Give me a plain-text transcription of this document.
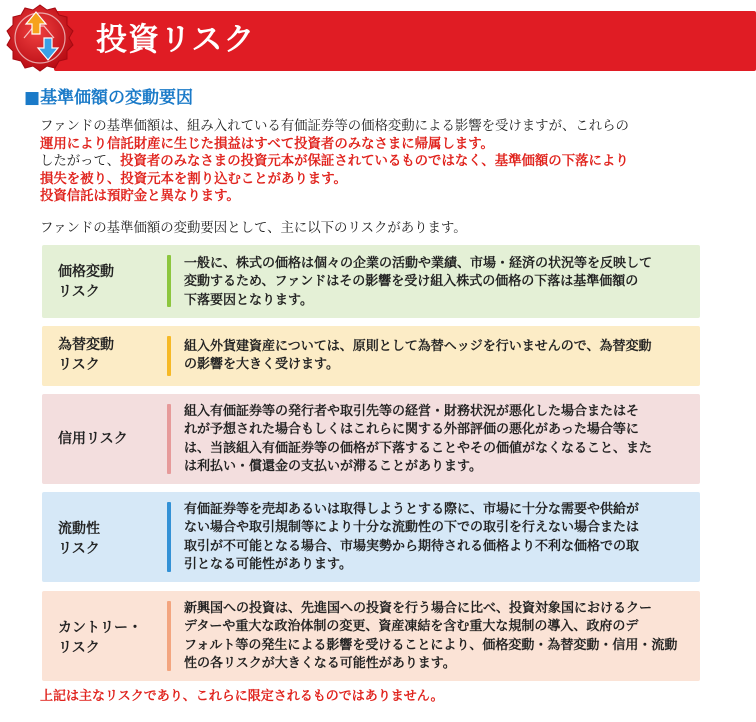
投資リスク
■基準価額の変動要因
ファンドの基準価額は、組み入れている有価証券等の価格変動による影響を受けますが、これらの
運用により信託財産に生じた損益はすべて投資者のみなさまに帰属します。
したがって、投資者のみなさまの投資元本が保証されているものではなく、基準価額の下落により
損失を被り、投資元本を割り込むことがあります。
投資信託は預貯金と異なります。
ファンドの基準価額の変動要因として、主に以下のリスクがあります。
価格変動
リスク
一般に、株式の価格は個々の企業の活動や業績、市場・経済の状況等を反映して
変動するため、ファンドはその影響を受け組入株式の価格の下落は基準価額の
下落要因となります。
為替変動
リスク
組入外貨建資産については、原則として為替ヘッジを行いませんので、為替変動
の影響を大きく受けます。
信用リスク
組入有価証券等の発行者や取引先等の経営・財務状況が悪化した場合またはそ
れが予想された場合もしくはこれらに関する外部評価の悪化があった場合等に
は、当該組入有価証券等の価格が下落することやその価値がなくなること、また
は利払い・償還金の支払いが滞ることがあります。
流動性
リスク
有価証券等を売却あるいは取得しようとする際に、市場に十分な需要や供給が
ない場合や取引規制等により十分な流動性の下での取引を行えない場合または
取引が不可能となる場合、市場実勢から期待される価格より不利な価格での取
引となる可能性があります。
カントリー・
リスク
新興国への投資は、先進国への投資を行う場合に比べ、投資対象国におけるクー
デターや重大な政治体制の変更、資産凍結を含む重大な規制の導入、政府のデ
フォルト等の発生による影響を受けることにより、価格変動・為替変動・信用・流動
性の各リスクが大きくなる可能性があります。
上記は主なリスクであり、これらに限定されるものではありません。
